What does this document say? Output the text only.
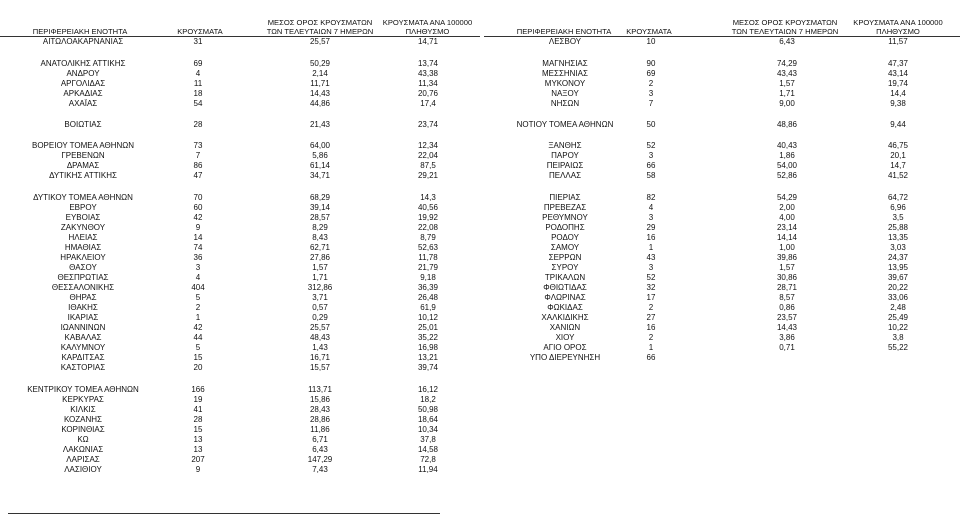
ΠΕΡΙΦΕΡΕΙΑΚΗ ΕΝΟΤΗΤΑ	ΚΡΟΥΣΜΑΤΑ
ΜΕΣΟΣ ΟΡΟΣ ΚΡΟΥΣΜΑΤΩΝ
ΤΩΝ ΤΕΛΕΥΤΑΙΩΝ 7 ΗΜΕΡΩΝ
ΚΡΟΥΣΜΑΤΑ ΑΝΑ 100000
ΠΛΗΘΥΣΜΟ
ΑΙΤΩΛΟΑΚΑΡΝΑΝΙΑΣ	31	25,57	14,71
ΑΝΑΤΟΛΙΚΗΣ ΑΤΤΙΚΗΣ	69	50,29	13,74
ΑΝΔΡΟΥ	4	2,14	43,38
ΑΡΓΟΛΙΔΑΣ	11	11,71	11,34
ΑΡΚΑΔΙΑΣ	18	14,43	20,76
ΑΧΑΪΑΣ	54	44,86	17,4
ΒΟΙΩΤΙΑΣ	28	21,43	23,74
ΒΟΡΕΙΟΥ ΤΟΜΕΑ ΑΘΗΝΩΝ	73	64,00	12,34
ΓΡΕΒΕΝΩΝ	7	5,86	22,04
ΔΡΑΜΑΣ	86	61,14	87,5
ΔΥΤΙΚΗΣ ΑΤΤΙΚΗΣ	47	34,71	29,21
ΔΥΤΙΚΟΥ ΤΟΜΕΑ ΑΘΗΝΩΝ	70	68,29	14,3
ΕΒΡΟΥ	60	39,14	40,56
ΕΥΒΟΙΑΣ	42	28,57	19,92
ΖΑΚΥΝΘΟΥ	9	8,29	22,08
ΗΛΕΙΑΣ	14	8,43	8,79
ΗΜΑΘΙΑΣ	74	62,71	52,63
ΗΡΑΚΛΕΙΟΥ	36	27,86	11,78
ΘΑΣΟΥ	3	1,57	21,79
ΘΕΣΠΡΩΤΙΑΣ	4	1,71	9,18
ΘΕΣΣΑΛΟΝΙΚΗΣ	404	312,86	36,39
ΘΗΡΑΣ	5	3,71	26,48
ΙΘΑΚΗΣ	2	0,57	61,9
ΙΚΑΡΙΑΣ	1	0,29	10,12
ΙΩΑΝΝΙΝΩΝ	42	25,57	25,01
ΚΑΒΑΛΑΣ	44	48,43	35,22
ΚΑΛΥΜΝΟΥ	5	1,43	16,98
ΚΑΡΔΙΤΣΑΣ	15	16,71	13,21
ΚΑΣΤΟΡΙΑΣ	20	15,57	39,74
ΚΕΝΤΡΙΚΟΥ ΤΟΜΕΑ ΑΘΗΝΩΝ	166	113,71	16,12
ΚΕΡΚΥΡΑΣ	19	15,86	18,2
ΚΙΛΚΙΣ	41	28,43	50,98
ΚΟΖΑΝΗΣ	28	28,86	18,64
ΚΟΡΙΝΘΙΑΣ	15	11,86	10,34
ΚΩ	13	6,71	37,8
ΛΑΚΩΝΙΑΣ	13	6,43	14,58
ΛΑΡΙΣΑΣ	207	147,29	72,8
ΛΑΣΙΘΙΟΥ	9	7,43	11,94
ΠΕΡΙΦΕΡΕΙΑΚΗ ΕΝΟΤΗΤΑ	ΚΡΟΥΣΜΑΤΑ
ΜΕΣΟΣ ΟΡΟΣ ΚΡΟΥΣΜΑΤΩΝ
ΤΩΝ ΤΕΛΕΥΤΑΙΩΝ 7 ΗΜΕΡΩΝ
ΚΡΟΥΣΜΑΤΑ ΑΝΑ 100000
ΠΛΗΘΥΣΜΟ
ΛΕΣΒΟΥ	10	6,43	11,57
ΜΑΓΝΗΣΙΑΣ	90	74,29	47,37
ΜΕΣΣΗΝΙΑΣ	69	43,43	43,14
ΜΥΚΟΝΟΥ	2	1,57	19,74
ΝΑΞΟΥ	3	1,71	14,4
ΝΗΣΩΝ	7	9,00	9,38
ΝΟΤΙΟΥ ΤΟΜΕΑ ΑΘΗΝΩΝ	50	48,86	9,44
ΞΑΝΘΗΣ	52	40,43	46,75
ΠΑΡΟΥ	3	1,86	20,1
ΠΕΙΡΑΙΩΣ	66	54,00	14,7
ΠΕΛΛΑΣ	58	52,86	41,52
ΠΙΕΡΙΑΣ	82	54,29	64,72
ΠΡΕΒΕΖΑΣ	4	2,00	6,96
ΡΕΘΥΜΝΟΥ	3	4,00	3,5
ΡΟΔΟΠΗΣ	29	23,14	25,88
ΡΟΔΟΥ	16	14,14	13,35
ΣΑΜΟΥ	1	1,00	3,03
ΣΕΡΡΩΝ	43	39,86	24,37
ΣΥΡΟΥ	3	1,57	13,95
ΤΡΙΚΑΛΩΝ	52	30,86	39,67
ΦΘΙΩΤΙΔΑΣ	32	28,71	20,22
ΦΛΩΡΙΝΑΣ	17	8,57	33,06
ΦΩΚΙΔΑΣ	2	0,86	2,48
ΧΑΛΚΙΔΙΚΗΣ	27	23,57	25,49
ΧΑΝΙΩΝ	16	14,43	10,22
ΧΙΟΥ	2	3,86	3,8
ΑΓΙΟ ΟΡΟΣ	1	0,71	55,22
ΥΠΟ ΔΙΕΡΕΥΝΗΣΗ	66
